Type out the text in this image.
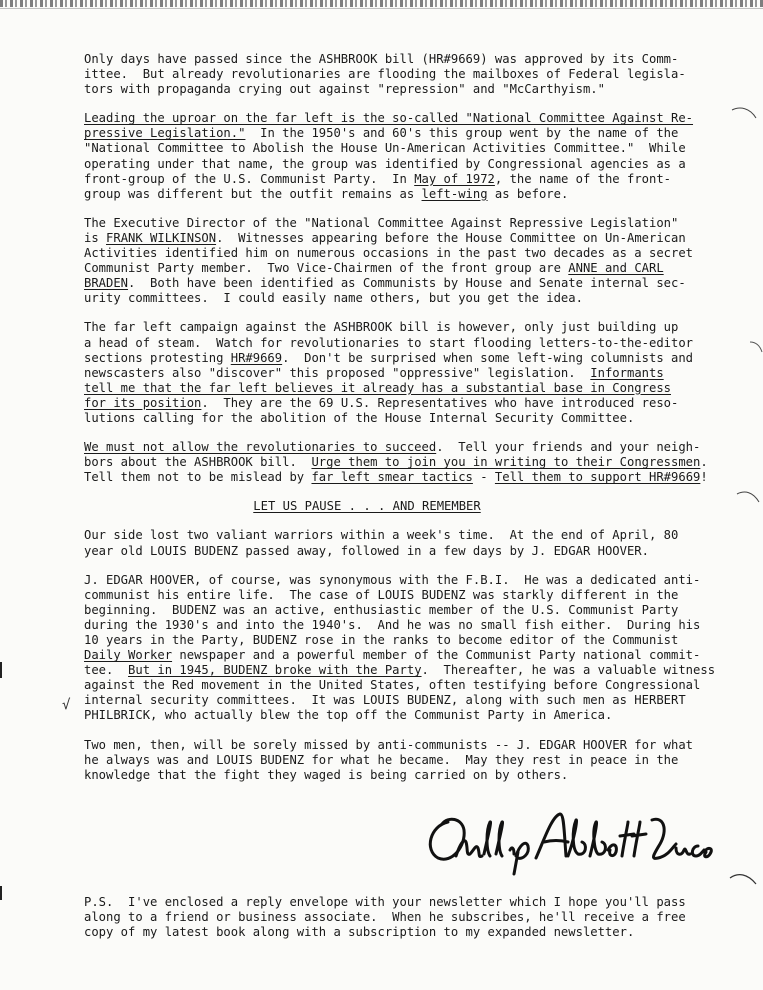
Only days have passed since the ASHBROOK bill (HR#9669) was approved by its Comm-
ittee.  But already revolutionaries are flooding the mailboxes of Federal legisla-
tors with propaganda crying out against "repression" and "McCarthyism."
Leading the uproar on the far left is the so-called "National Committee Against Re-
pressive Legislation."  In the 1950's and 60's this group went by the name of the
"National Committee to Abolish the House Un-American Activities Committee."  While
operating under that name, the group was identified by Congressional agencies as a
front-group of the U.S. Communist Party.  In May of 1972, the name of the front-
group was different but the outfit remains as left-wing as before.
The Executive Director of the "National Committee Against Repressive Legislation"
is FRANK WILKINSON.  Witnesses appearing before the House Committee on Un-American
Activities identified him on numerous occasions in the past two decades as a secret
Communist Party member.  Two Vice-Chairmen of the front group are ANNE and CARL
BRADEN.  Both have been identified as Communists by House and Senate internal sec-
urity committees.  I could easily name others, but you get the idea.
The far left campaign against the ASHBROOK bill is however, only just building up
a head of steam.  Watch for revolutionaries to start flooding letters-to-the-editor
sections protesting HR#9669.  Don't be surprised when some left-wing columnists and
newscasters also "discover" this proposed "oppressive" legislation.  Informants
tell me that the far left believes it already has a substantial base in Congress
for its position.  They are the 69 U.S. Representatives who have introduced reso-
lutions calling for the abolition of the House Internal Security Committee.
We must not allow the revolutionaries to succeed.  Tell your friends and your neigh-
bors about the ASHBROOK bill.  Urge them to join you in writing to their Congressmen.
Tell them not to be mislead by far left smear tactics - Tell them to support HR#9669!
LET US PAUSE . . . AND REMEMBER
Our side lost two valiant warriors within a week's time.  At the end of April, 80
year old LOUIS BUDENZ passed away, followed in a few days by J. EDGAR HOOVER.
J. EDGAR HOOVER, of course, was synonymous with the F.B.I.  He was a dedicated anti-
communist his entire life.  The case of LOUIS BUDENZ was starkly different in the
beginning.  BUDENZ was an active, enthusiastic member of the U.S. Communist Party
during the 1930's and into the 1940's.  And he was no small fish either.  During his
10 years in the Party, BUDENZ rose in the ranks to become editor of the Communist
Daily Worker newspaper and a powerful member of the Communist Party national commit-
tee.  But in 1945, BUDENZ broke with the Party.  Thereafter, he was a valuable witness
against the Red movement in the United States, often testifying before Congressional
internal security committees.  It was LOUIS BUDENZ, along with such men as HERBERT
PHILBRICK, who actually blew the top off the Communist Party in America.
Two men, then, will be sorely missed by anti-communists -- J. EDGAR HOOVER for what
he always was and LOUIS BUDENZ for what he became.  May they rest in peace in the
knowledge that the fight they waged is being carried on by others.
P.S.  I've enclosed a reply envelope with your newsletter which I hope you'll pass
along to a friend or business associate.  When he subscribes, he'll receive a free
copy of my latest book along with a subscription to my expanded newsletter.
√
